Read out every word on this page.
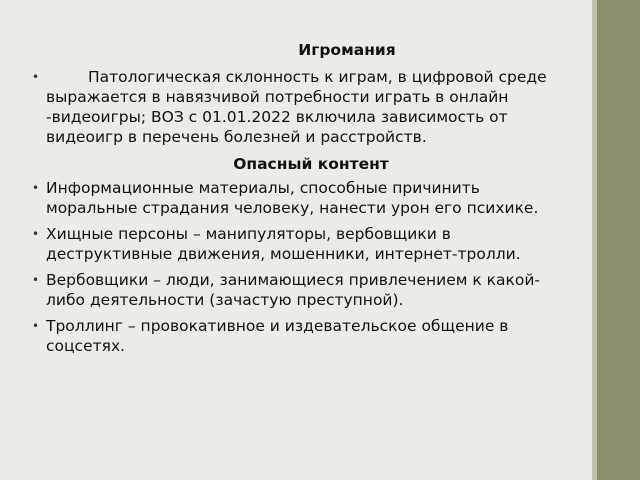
Игромания

•	Патологическая склонность к играм, в цифровой среде выражается в навязчивой потребности играть в онлайн -видеоигры; ВОЗ с 01.01.2022 включила зависимость от видеоигр в перечень болезней и расстройств.

Опасный контент

• Информационные материалы, способные причинить моральные страдания человеку, нанести урон его психике.

• Хищные персоны – манипуляторы, вербовщики в деструктивные движения, мошенники, интернет-тролли.

• Вербовщики – люди, занимающиеся привлечением к какой-либо деятельности (зачастую преступной).

• Троллинг – провокативное и издевательское общение в соцсетях.
